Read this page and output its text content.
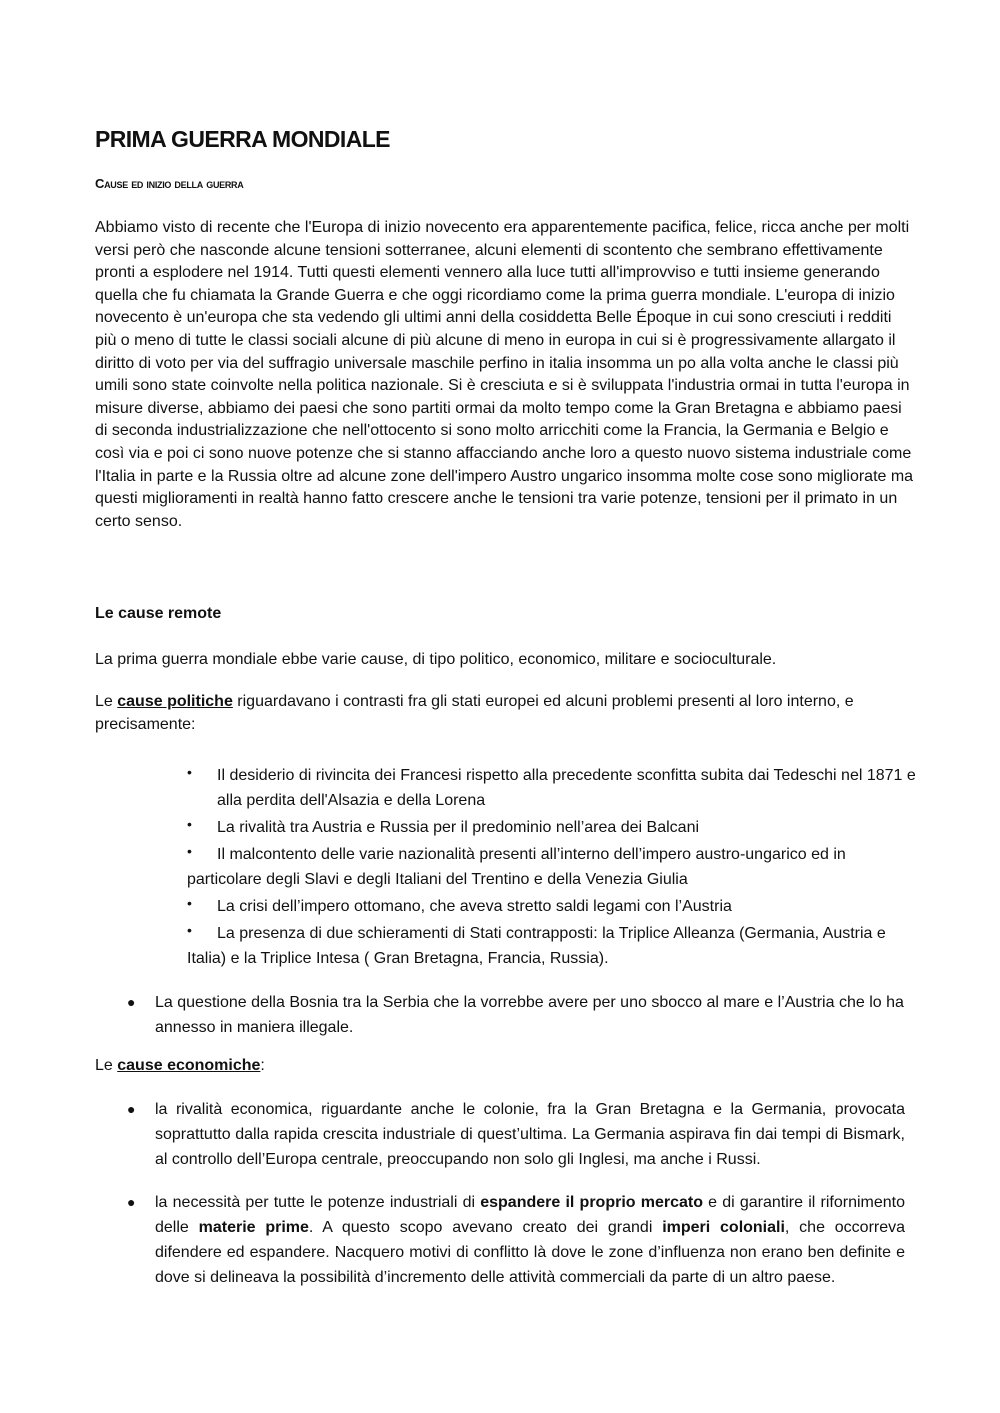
PRIMA GUERRA MONDIALE
Cause ed inizio della guerra
Abbiamo visto di recente che l'Europa di inizio novecento era apparentemente pacifica, felice, ricca anche per molti versi però che nasconde alcune tensioni sotterranee, alcuni elementi di scontento che sembrano effettivamente pronti a esplodere nel 1914. Tutti questi elementi vennero alla luce tutti all'improvviso e tutti insieme generando quella che fu chiamata la Grande Guerra e che oggi ricordiamo come la prima guerra mondiale. L'europa di inizio novecento è un'europa che sta vedendo gli ultimi anni della cosiddetta Belle Époque in cui sono cresciuti i redditi più o meno di tutte le classi sociali alcune di più alcune di meno in europa in cui si è progressivamente allargato il diritto di voto per via del suffragio universale maschile perfino in italia insomma un po alla volta anche le classi più umili sono state coinvolte nella politica nazionale. Si è cresciuta e si è sviluppata l'industria ormai in tutta l'europa in misure diverse, abbiamo dei paesi che sono partiti ormai da molto tempo come la Gran Bretagna e abbiamo paesi di seconda industrializzazione che nell'ottocento si sono molto arricchiti come la Francia, la Germania e Belgio e così via e poi ci sono nuove potenze che si stanno affacciando anche loro a questo nuovo sistema industriale come l'Italia in parte e la Russia oltre ad alcune zone dell'impero Austro ungarico insomma molte cose sono migliorate ma questi miglioramenti in realtà hanno fatto crescere anche le tensioni tra varie potenze, tensioni per il primato in un certo senso.
Le cause remote
La prima guerra mondiale ebbe varie cause, di tipo politico, economico, militare e socioculturale.
Le cause politiche riguardavano i contrasti fra gli stati europei ed alcuni problemi presenti al loro interno, e precisamente:
• Il desiderio di rivincita dei Francesi rispetto alla precedente sconfitta subita dai Tedeschi nel 1871 e alla perdita dell'Alsazia e della Lorena
• La rivalità tra Austria e Russia per il predominio nell’area dei Balcani
• Il malcontento delle varie nazionalità presenti all’interno dell’impero austro-ungarico ed in particolare degli Slavi e degli Italiani del Trentino e della Venezia Giulia
• La crisi dell’impero ottomano, che aveva stretto saldi legami con l’Austria
• La presenza di due schieramenti di Stati contrapposti: la Triplice Alleanza (Germania, Austria e Italia) e la Triplice Intesa ( Gran Bretagna, Francia, Russia).
● La questione della Bosnia tra la Serbia che la vorrebbe avere per uno sbocco al mare e l’Austria che lo ha annesso in maniera illegale.
Le cause economiche:
● la rivalità economica, riguardante anche le colonie, fra la Gran Bretagna e la Germania, provocata soprattutto dalla rapida crescita industriale di quest’ultima. La Germania aspirava fin dai tempi di Bismark, al controllo dell’Europa centrale, preoccupando non solo gli Inglesi, ma anche i Russi.
● la necessità per tutte le potenze industriali di espandere il proprio mercato e di garantire il rifornimento delle materie prime. A questo scopo avevano creato dei grandi imperi coloniali, che occorreva difendere ed espandere. Nacquero motivi di conflitto là dove le zone d’influenza non erano ben definite e dove si delineava la possibilità d’incremento delle attività commerciali da parte di un altro paese.
